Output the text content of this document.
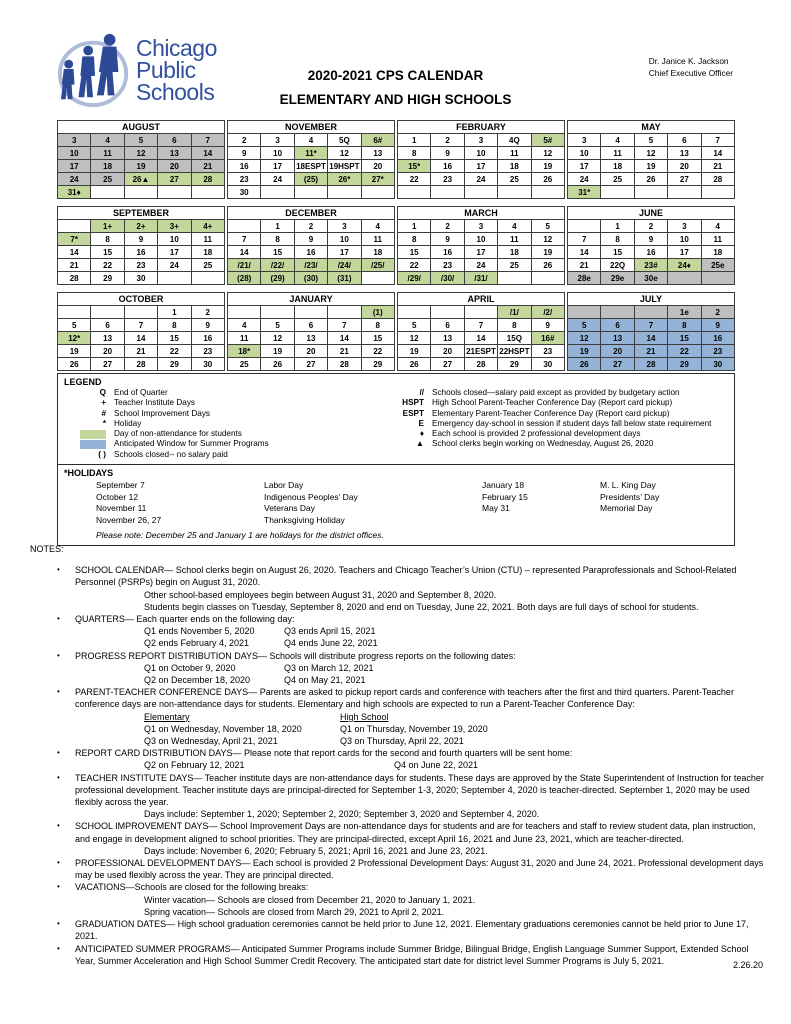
Chicago
Public
Schools
2020-2021 CPS CALENDAR
ELEMENTARY AND HIGH SCHOOLS
Dr. Janice K. Jackson
Chief Executive Officer
AUGUST				
3	4	5	6	7
10	11	12	13	14
17	18	19	20	21
24	25	26▲	27	28
31♦				
NOVEMBER				
2	3	4	5Q	6#
9	10	11*	12	13
16	17	18ESPT	19HSPT	20
23	24	(25)	26*	27*
30				
FEBRUARY				
1	2	3	4Q	5#
8	9	10	11	12
15*	16	17	18	19
22	23	24	25	26

MAY				
3	4	5	6	7
10	11	12	13	14
17	18	19	20	21
24	25	26	27	28
31*				
SEPTEMBER				
	1+	2+	3+	4+
7*	8	9	10	11
14	15	16	17	18
21	22	23	24	25
28	29	30		
DECEMBER				
	1	2	3	4
7	8	9	10	11
14	15	16	17	18
/21/	/22/	/23/	/24/	/25/
(28)	(29)	(30)	(31)	
MARCH				
1	2	3	4	5
8	9	10	11	12
15	16	17	18	19
22	23	24	25	26
/29/	/30/	/31/		
JUNE				
	1	2	3	4
7	8	9	10	11
14	15	16	17	18
21	22Q	23#	24♦	25e
28e	29e	30e		
OCTOBER				
			1	2
5	6	7	8	9
12*	13	14	15	16
19	20	21	22	23
26	27	28	29	30
JANUARY				
				(1)
4	5	6	7	8
11	12	13	14	15
18*	19	20	21	22
25	26	27	28	29
APRIL				
			/1/	/2/
5	6	7	8	9
12	13	14	15Q	16#
19	20	21ESPT	22HSPT	23
26	27	28	29	30
JULY				
			1e	2
5	6	7	8	9
12	13	14	15	16
19	20	21	22	23
26	27	28	29	30
LEGEND
Q End of Quarter
+ Teacher Institute Days
# School Improvement Days
* Holiday
Day of non-attendance for students
Anticipated Window for Summer Programs
( ) Schools closed-- no salary paid
// Schools closed—salary paid except as provided by budgetary action
HSPT High School Parent-Teacher Conference Day (Report card pickup)
ESPT Elementary Parent-Teacher Conference Day (Report card pickup)
E Emergency day-school in session if student days fall below state requirement
♦ Each school is provided 2 professional development days
▲ School clerks begin working on Wednesday, August 26, 2020
*HOLIDAYS
September 7	Labor Day	January 18	M. L. King Day
October 12	Indigenous Peoples’ Day	February 15	Presidents’ Day
November 11	Veterans Day	May 31	Memorial Day
November 26, 27	Thanksgiving Holiday
Please note: December 25 and January 1 are holidays for the district offices.
NOTES:
•	SCHOOL CALENDAR— School clerks begin on August 26, 2020. Teachers and Chicago Teacher’s Union (CTU) – represented Paraprofessionals and School-Related Personnel (PSRPs) begin on August 31, 2020.
Other school-based employees begin between August 31, 2020 and September 8, 2020.
Students begin classes on Tuesday, September 8, 2020 and end on Tuesday, June 22, 2021. Both days are full days of school for students.
•	QUARTERS— Each quarter ends on the following day:
Q1 ends November 5, 2020	Q3 ends April 15, 2021
Q2 ends February 4, 2021	Q4 ends June 22, 2021
•	PROGRESS REPORT DISTRIBUTION DAYS— Schools will distribute progress reports on the following dates:
Q1 on October 9, 2020	Q3 on March 12, 2021
Q2 on December 18, 2020	Q4 on May 21, 2021
•	PARENT-TEACHER CONFERENCE DAYS— Parents are asked to pickup report cards and conference with teachers after the first and third quarters. Parent-Teacher conference days are non-attendance days for students. Elementary and high schools are expected to run a Parent-Teacher Conference Day:
Elementary	High School
Q1 on Wednesday, November 18, 2020	Q1 on Thursday, November 19, 2020
Q3 on Wednesday, April 21, 2021	Q3 on Thursday, April 22, 2021
•	REPORT CARD DISTRIBUTION DAYS— Please note that report cards for the second and fourth quarters will be sent home:
Q2 on February 12, 2021	Q4 on June 22, 2021
•	TEACHER INSTITUTE DAYS— Teacher institute days are non-attendance days for students. These days are approved by the State Superintendent of Instruction for teacher professional development. Teacher institute days are principal-directed for September 1-3, 2020; September 4, 2020 is teacher-directed. September 1, 2020 may be used flexibly across the year.
Days include: September 1, 2020; September 2, 2020; September 3, 2020 and September 4, 2020.
•	SCHOOL IMPROVEMENT DAYS— School Improvement Days are non-attendance days for students and are for teachers and staff to review student data, plan instruction, and engage in development aligned to school priorities. They are principal-directed, except April 16, 2021 and June 23, 2021, which are teacher-directed.
Days include: November 6, 2020; February 5, 2021; April 16, 2021 and June 23, 2021.
•	PROFESSIONAL DEVELOPMENT DAYS— Each school is provided 2 Professional Development Days: August 31, 2020 and June 24, 2021. Professional development days may be used flexibly across the year. They are principal directed.
•	VACATIONS—Schools are closed for the following breaks:
Winter vacation— Schools are closed from December 21, 2020 to January 1, 2021.
Spring vacation— Schools are closed from March 29, 2021 to April 2, 2021.
•	GRADUATION DATES— High school graduation ceremonies cannot be held prior to June 12, 2021. Elementary graduations ceremonies cannot be held prior to June 17, 2021.
•	ANTICIPATED SUMMER PROGRAMS— Anticipated Summer Programs include Summer Bridge, Bilingual Bridge, English Language Summer Support, Extended School Year, Summer Acceleration and High School Summer Credit Recovery. The anticipated start date for district level Summer Programs is July 5, 2021.	2.26.20
